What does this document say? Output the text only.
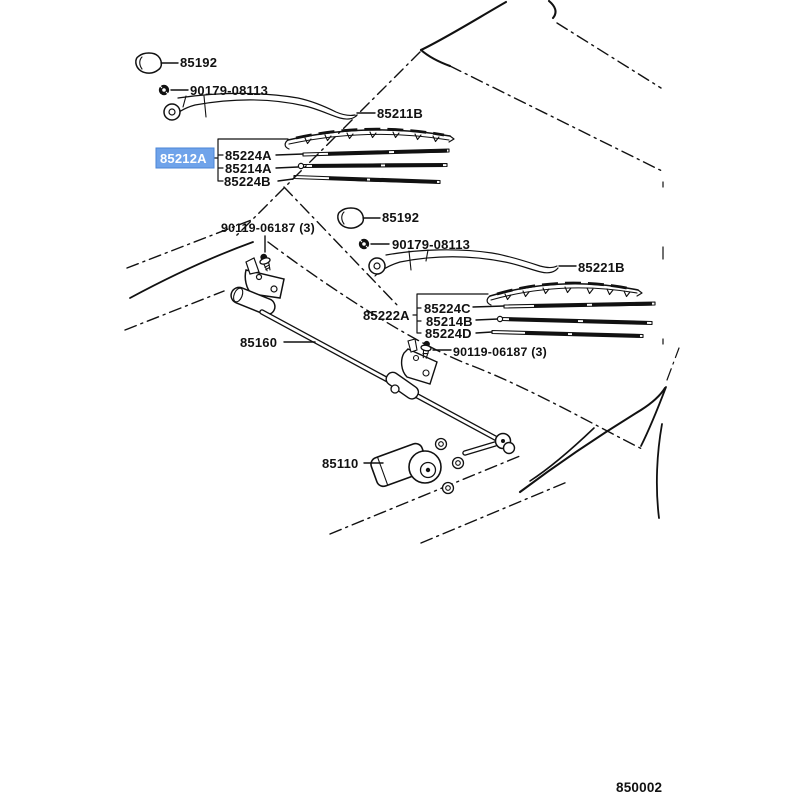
85192
90179-08113
85211B
85212A 85224A
85214A
85224B
85192
90179-08113
85221B
85222A 85224C
85214B
85224D
90119-06187 (3)
85160
90119-06187 (3)
85110
850002
